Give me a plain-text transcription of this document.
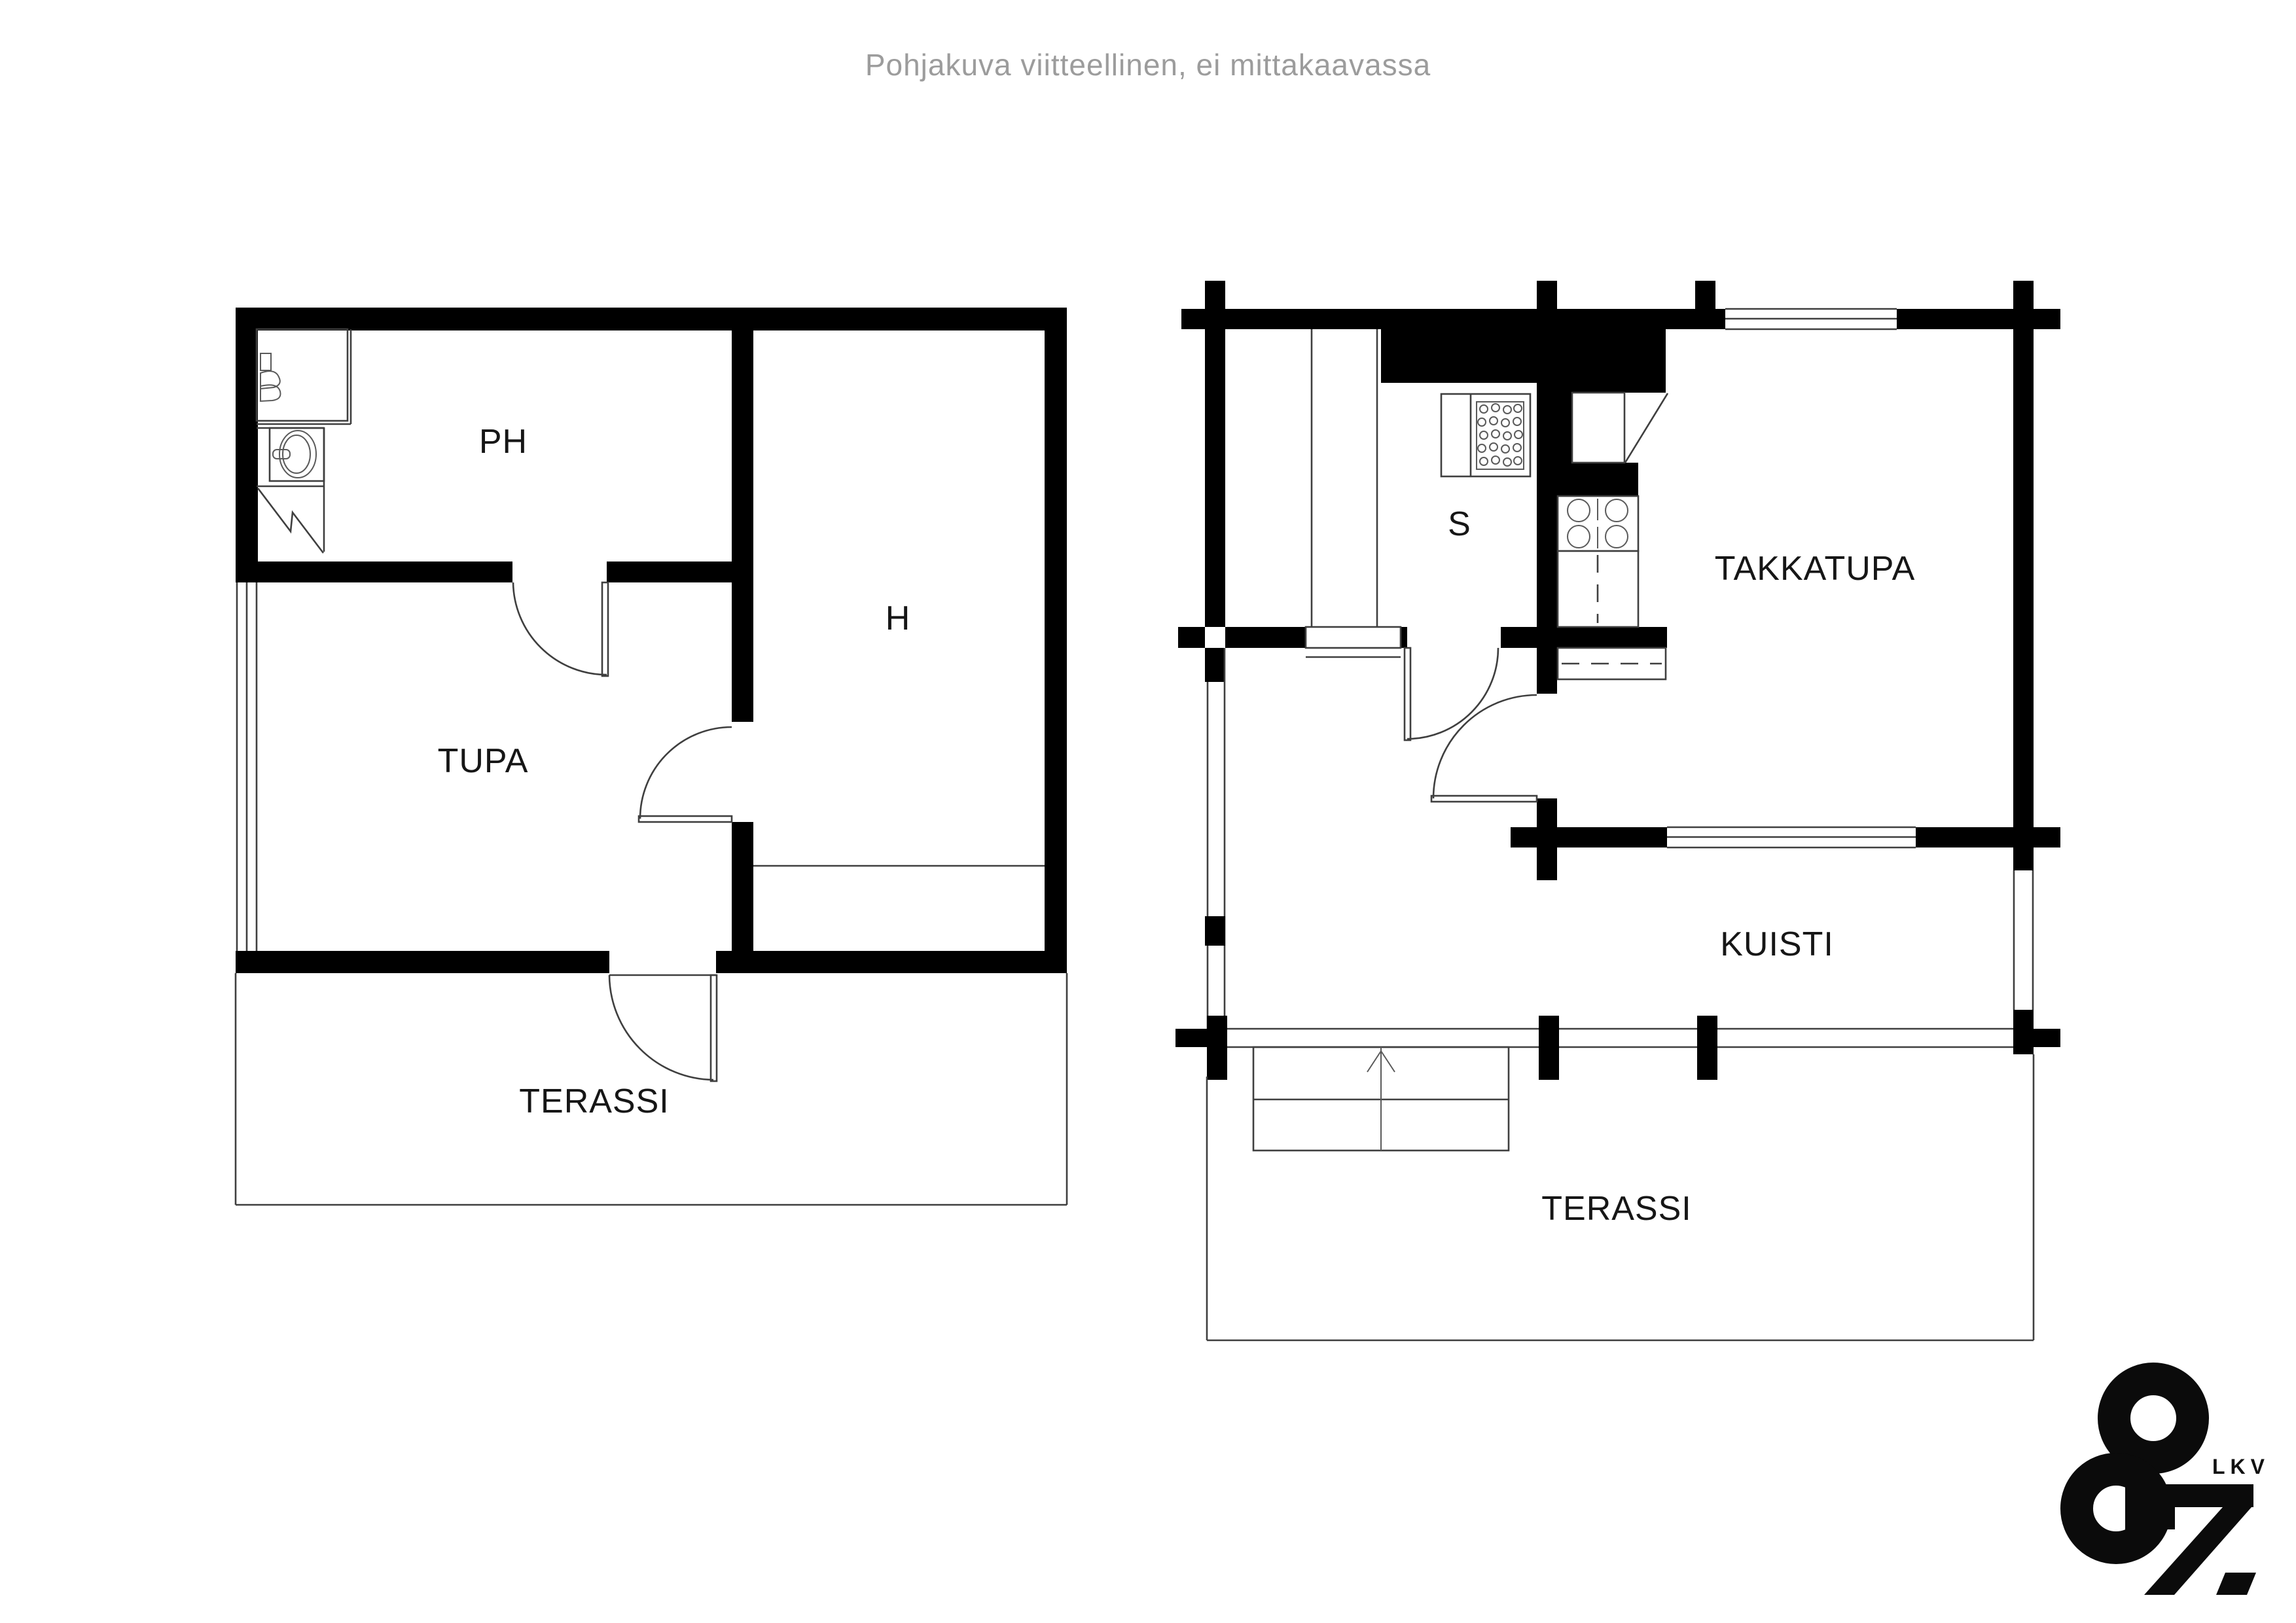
Pohjakuva viitteellinen, ei mittakaavassa
PH
H
TUPA
TERASSI
S
TAKKATUPA
KUISTI
TERASSI
LKV
